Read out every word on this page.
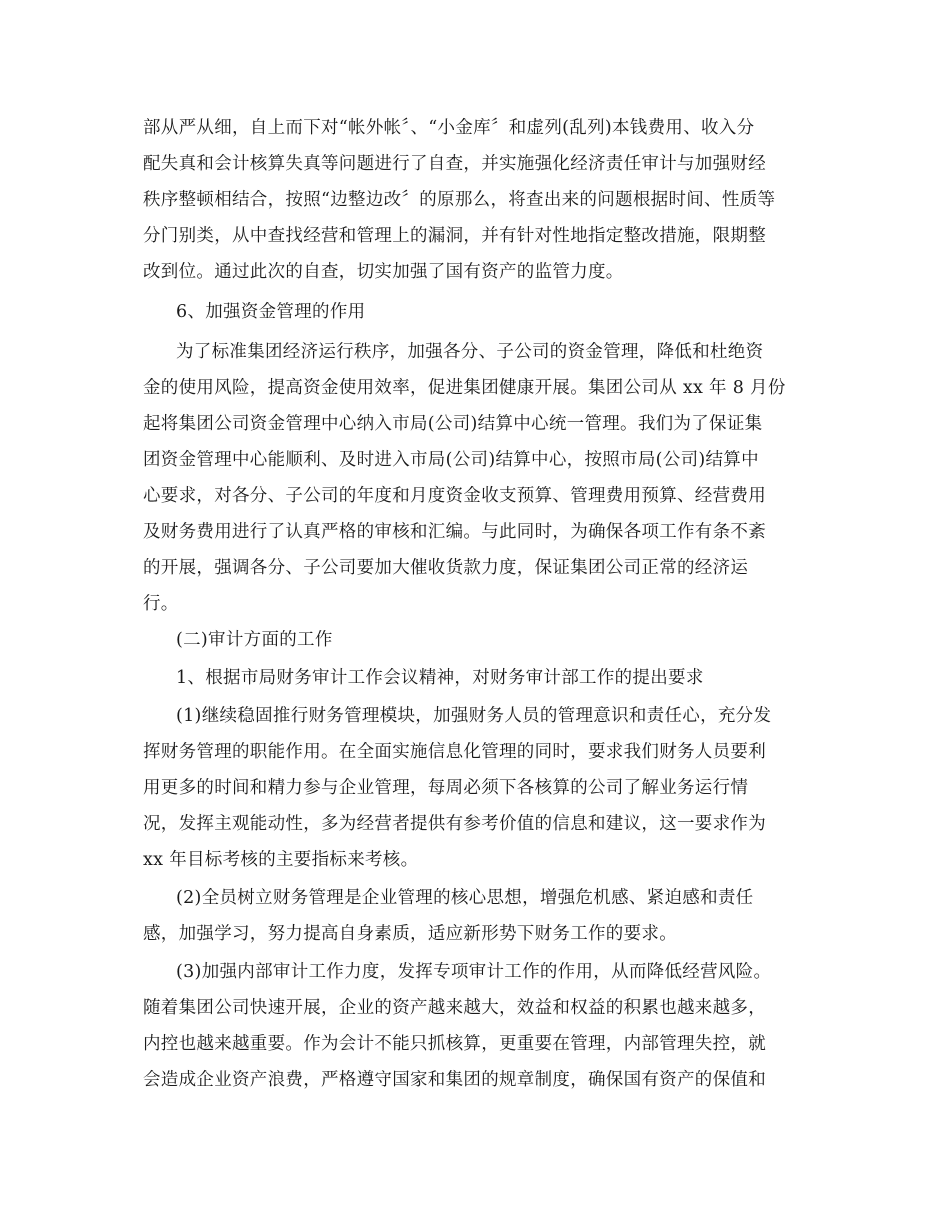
部从严从细，自上而下对“帐外帐〞、“小金库〞和虚列(乱列)本钱费用、收入分
配失真和会计核算失真等问题进行了自查，并实施强化经济责任审计与加强财经
秩序整顿相结合，按照“边整边改〞的原那么，将查出来的问题根据时间、性质等
分门别类，从中查找经营和管理上的漏洞，并有针对性地指定整改措施，限期整
改到位。通过此次的自查，切实加强了国有资产的监管力度。
6、加强资金管理的作用
为了标准集团经济运行秩序，加强各分、子公司的资金管理，降低和杜绝资
金的使用风险，提高资金使用效率，促进集团健康开展。集团公司从 xx 年 8 月份
起将集团公司资金管理中心纳入市局(公司)结算中心统一管理。我们为了保证集
团资金管理中心能顺利、及时进入市局(公司)结算中心，按照市局(公司)结算中
心要求，对各分、子公司的年度和月度资金收支预算、管理费用预算、经营费用
及财务费用进行了认真严格的审核和汇编。与此同时，为确保各项工作有条不紊
的开展，强调各分、子公司要加大催收货款力度，保证集团公司正常的经济运
行。
(二)审计方面的工作
1、根据市局财务审计工作会议精神，对财务审计部工作的提出要求
(1)继续稳固推行财务管理模块，加强财务人员的管理意识和责任心，充分发
挥财务管理的职能作用。在全面实施信息化管理的同时，要求我们财务人员要利
用更多的时间和精力参与企业管理，每周必须下各核算的公司了解业务运行情
况，发挥主观能动性，多为经营者提供有参考价值的信息和建议，这一要求作为
xx 年目标考核的主要指标来考核。
(2)全员树立财务管理是企业管理的核心思想，增强危机感、紧迫感和责任
感，加强学习，努力提高自身素质，适应新形势下财务工作的要求。
(3)加强内部审计工作力度，发挥专项审计工作的作用，从而降低经营风险。
随着集团公司快速开展，企业的资产越来越大，效益和权益的积累也越来越多，
内控也越来越重要。作为会计不能只抓核算，更重要在管理，内部管理失控，就
会造成企业资产浪费，严格遵守国家和集团的规章制度，确保国有资产的保值和
